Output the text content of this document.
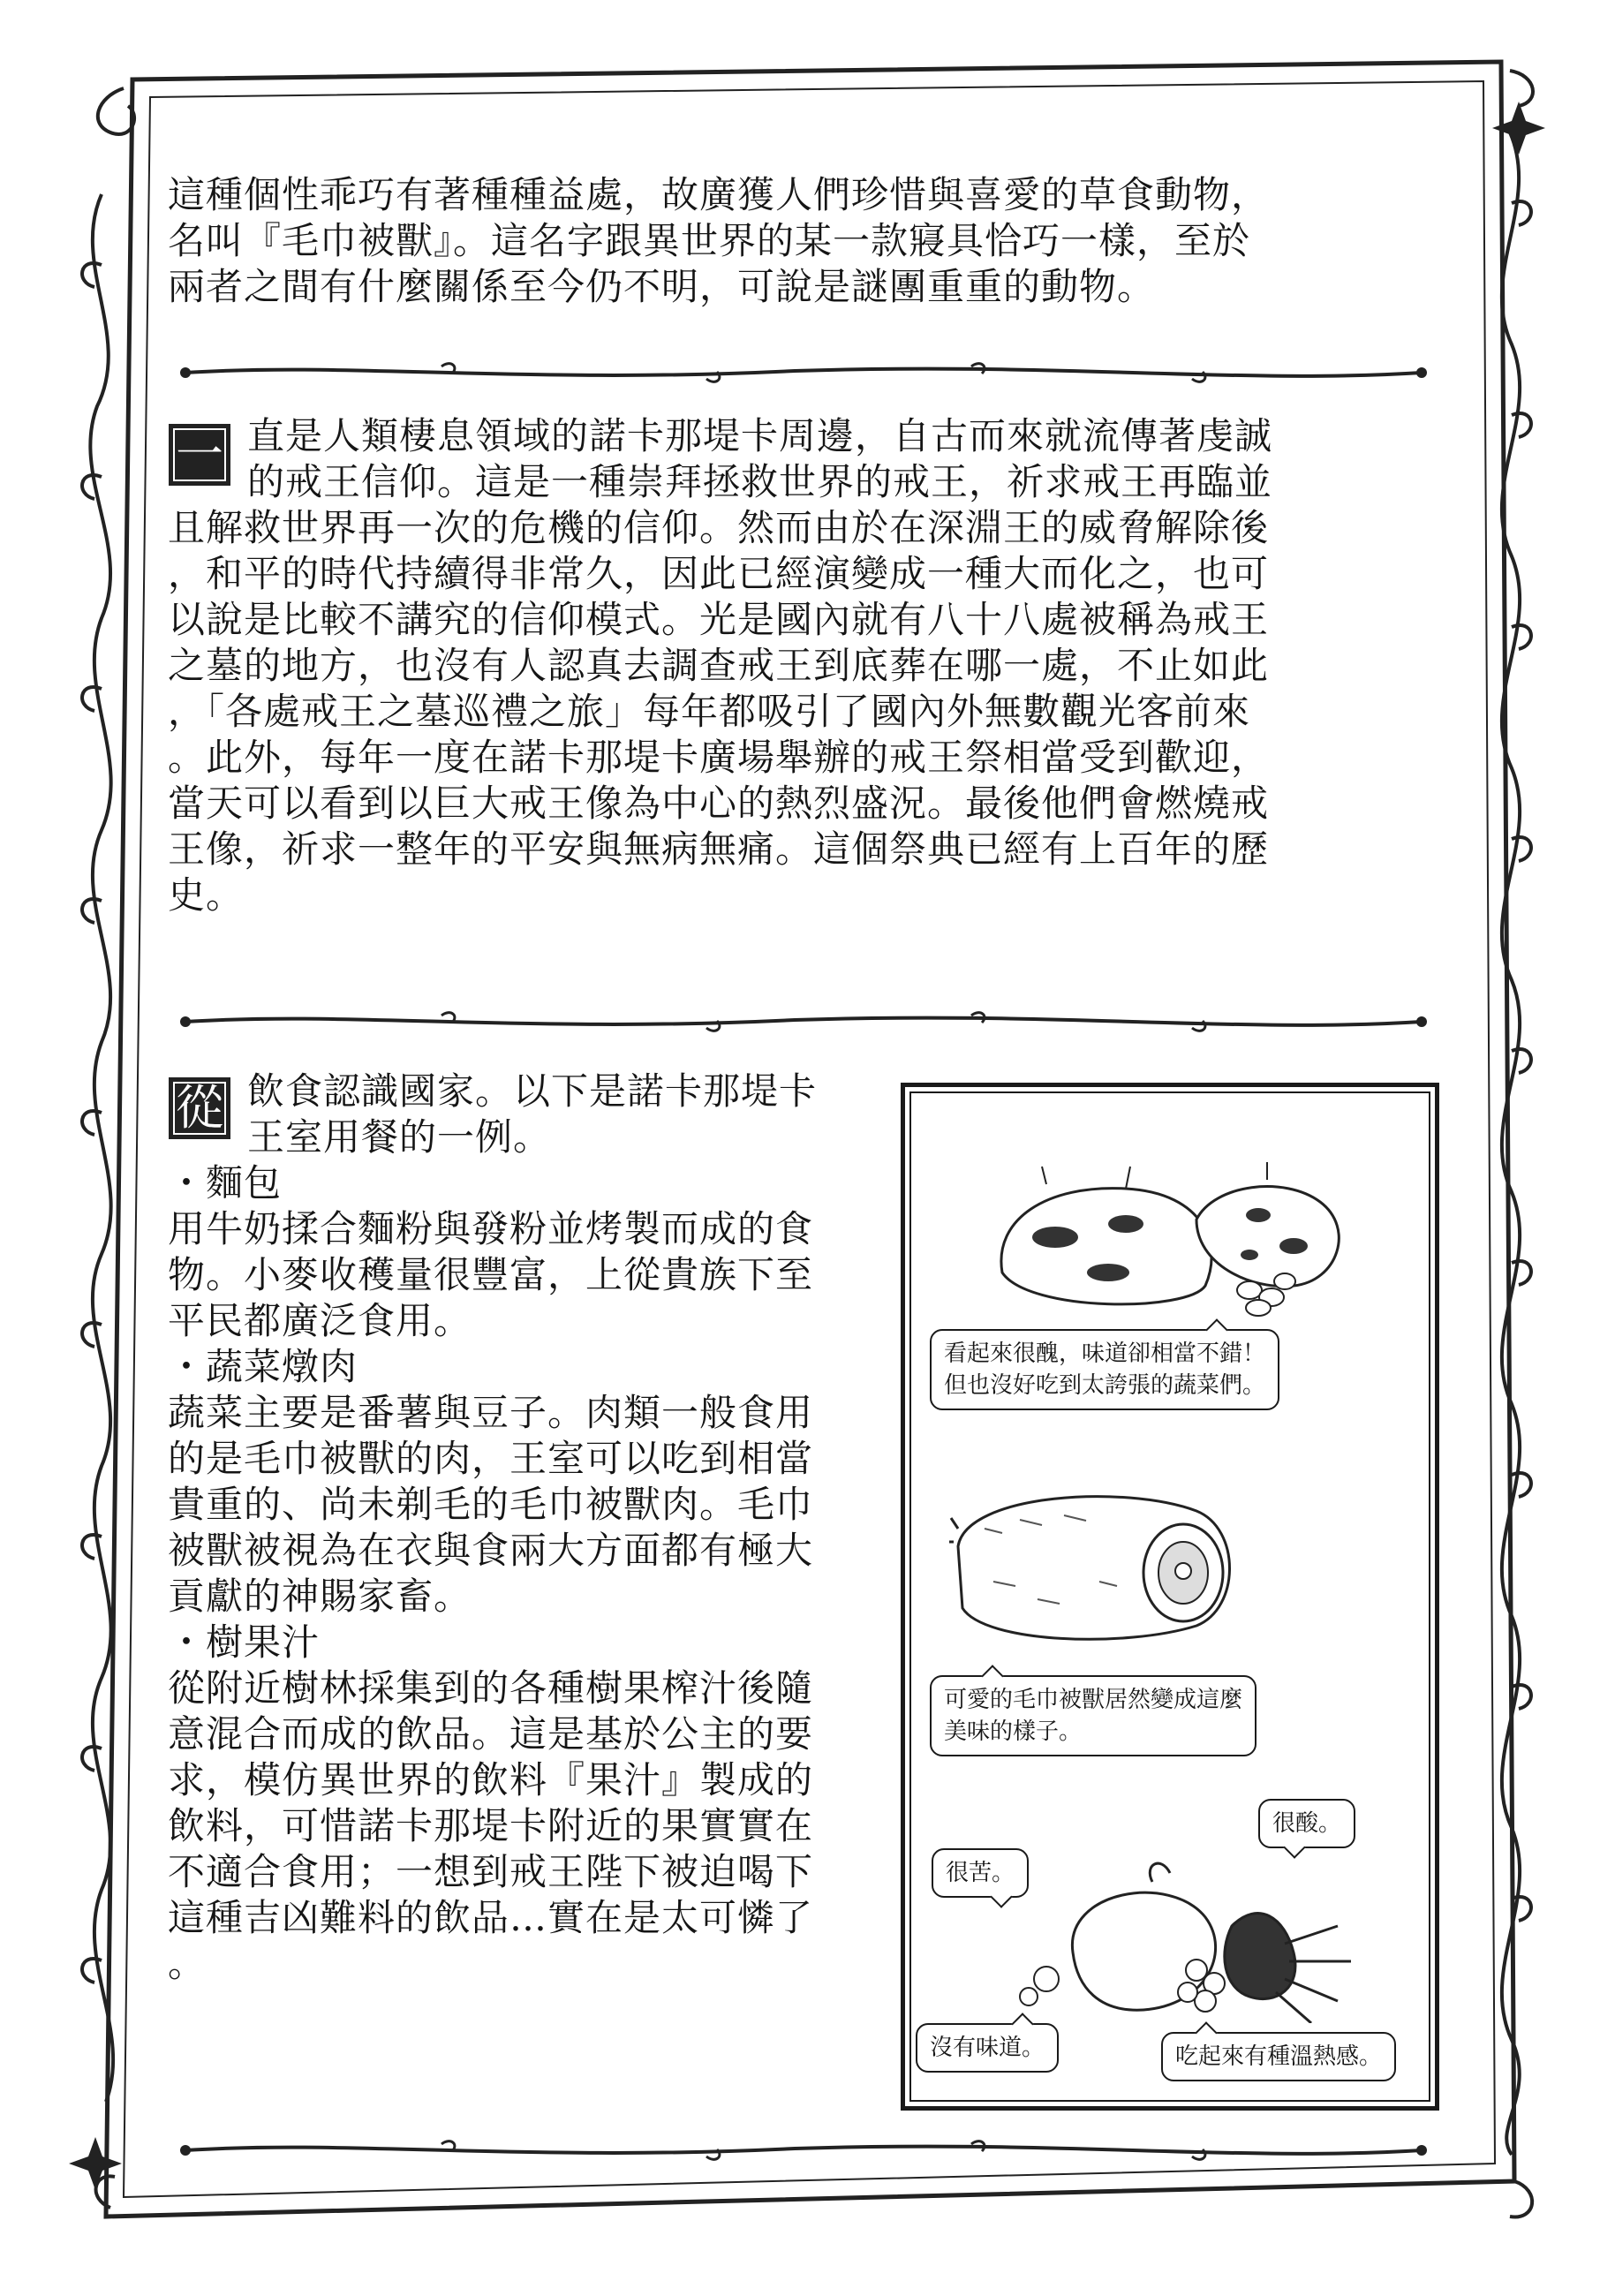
這種個性乖巧有著種種益處，故廣獲人們珍惜與喜愛的草食動物，
名叫『毛巾被獸』。這名字跟異世界的某一款寢具恰巧一樣，至於
兩者之間有什麼關係至今仍不明，可說是謎團重重的動物。
一 直是人類棲息領域的諾卡那堤卡周邊，自古而來就流傳著虔誠
的戒王信仰。這是一種崇拜拯救世界的戒王，祈求戒王再臨並
且解救世界再一次的危機的信仰。然而由於在深淵王的威脅解除後
，和平的時代持續得非常久，因此已經演變成一種大而化之，也可
以說是比較不講究的信仰模式。光是國內就有八十八處被稱為戒王
之墓的地方，也沒有人認真去調查戒王到底葬在哪一處，不止如此
，「各處戒王之墓巡禮之旅」每年都吸引了國內外無數觀光客前來
。此外，每年一度在諾卡那堤卡廣場舉辦的戒王祭相當受到歡迎，
當天可以看到以巨大戒王像為中心的熱烈盛況。最後他們會燃燒戒
王像，祈求一整年的平安與無病無痛。這個祭典已經有上百年的歷
史。
從 飲食認識國家。以下是諾卡那堤卡
王室用餐的一例。
・麵包
用牛奶揉合麵粉與發粉並烤製而成的食
物。小麥收穫量很豐富，上從貴族下至
平民都廣泛食用。
・蔬菜燉肉
蔬菜主要是番薯與豆子。肉類一般食用
的是毛巾被獸的肉，王室可以吃到相當
貴重的、尚未剃毛的毛巾被獸肉。毛巾
被獸被視為在衣與食兩大方面都有極大
貢獻的神賜家畜。
・樹果汁
從附近樹林採集到的各種樹果榨汁後隨
意混合而成的飲品。這是基於公主的要
求，模仿異世界的飲料『果汁』製成的
飲料，可惜諾卡那堤卡附近的果實實在
不適合食用；一想到戒王陛下被迫喝下
這種吉凶難料的飲品…實在是太可憐了
。
看起來很醜，味道卻相當不錯！
但也沒好吃到太誇張的蔬菜們。
可愛的毛巾被獸居然變成這麼
美味的樣子。
很酸。
很苦。
沒有味道。	吃起來有種溫熱感。
